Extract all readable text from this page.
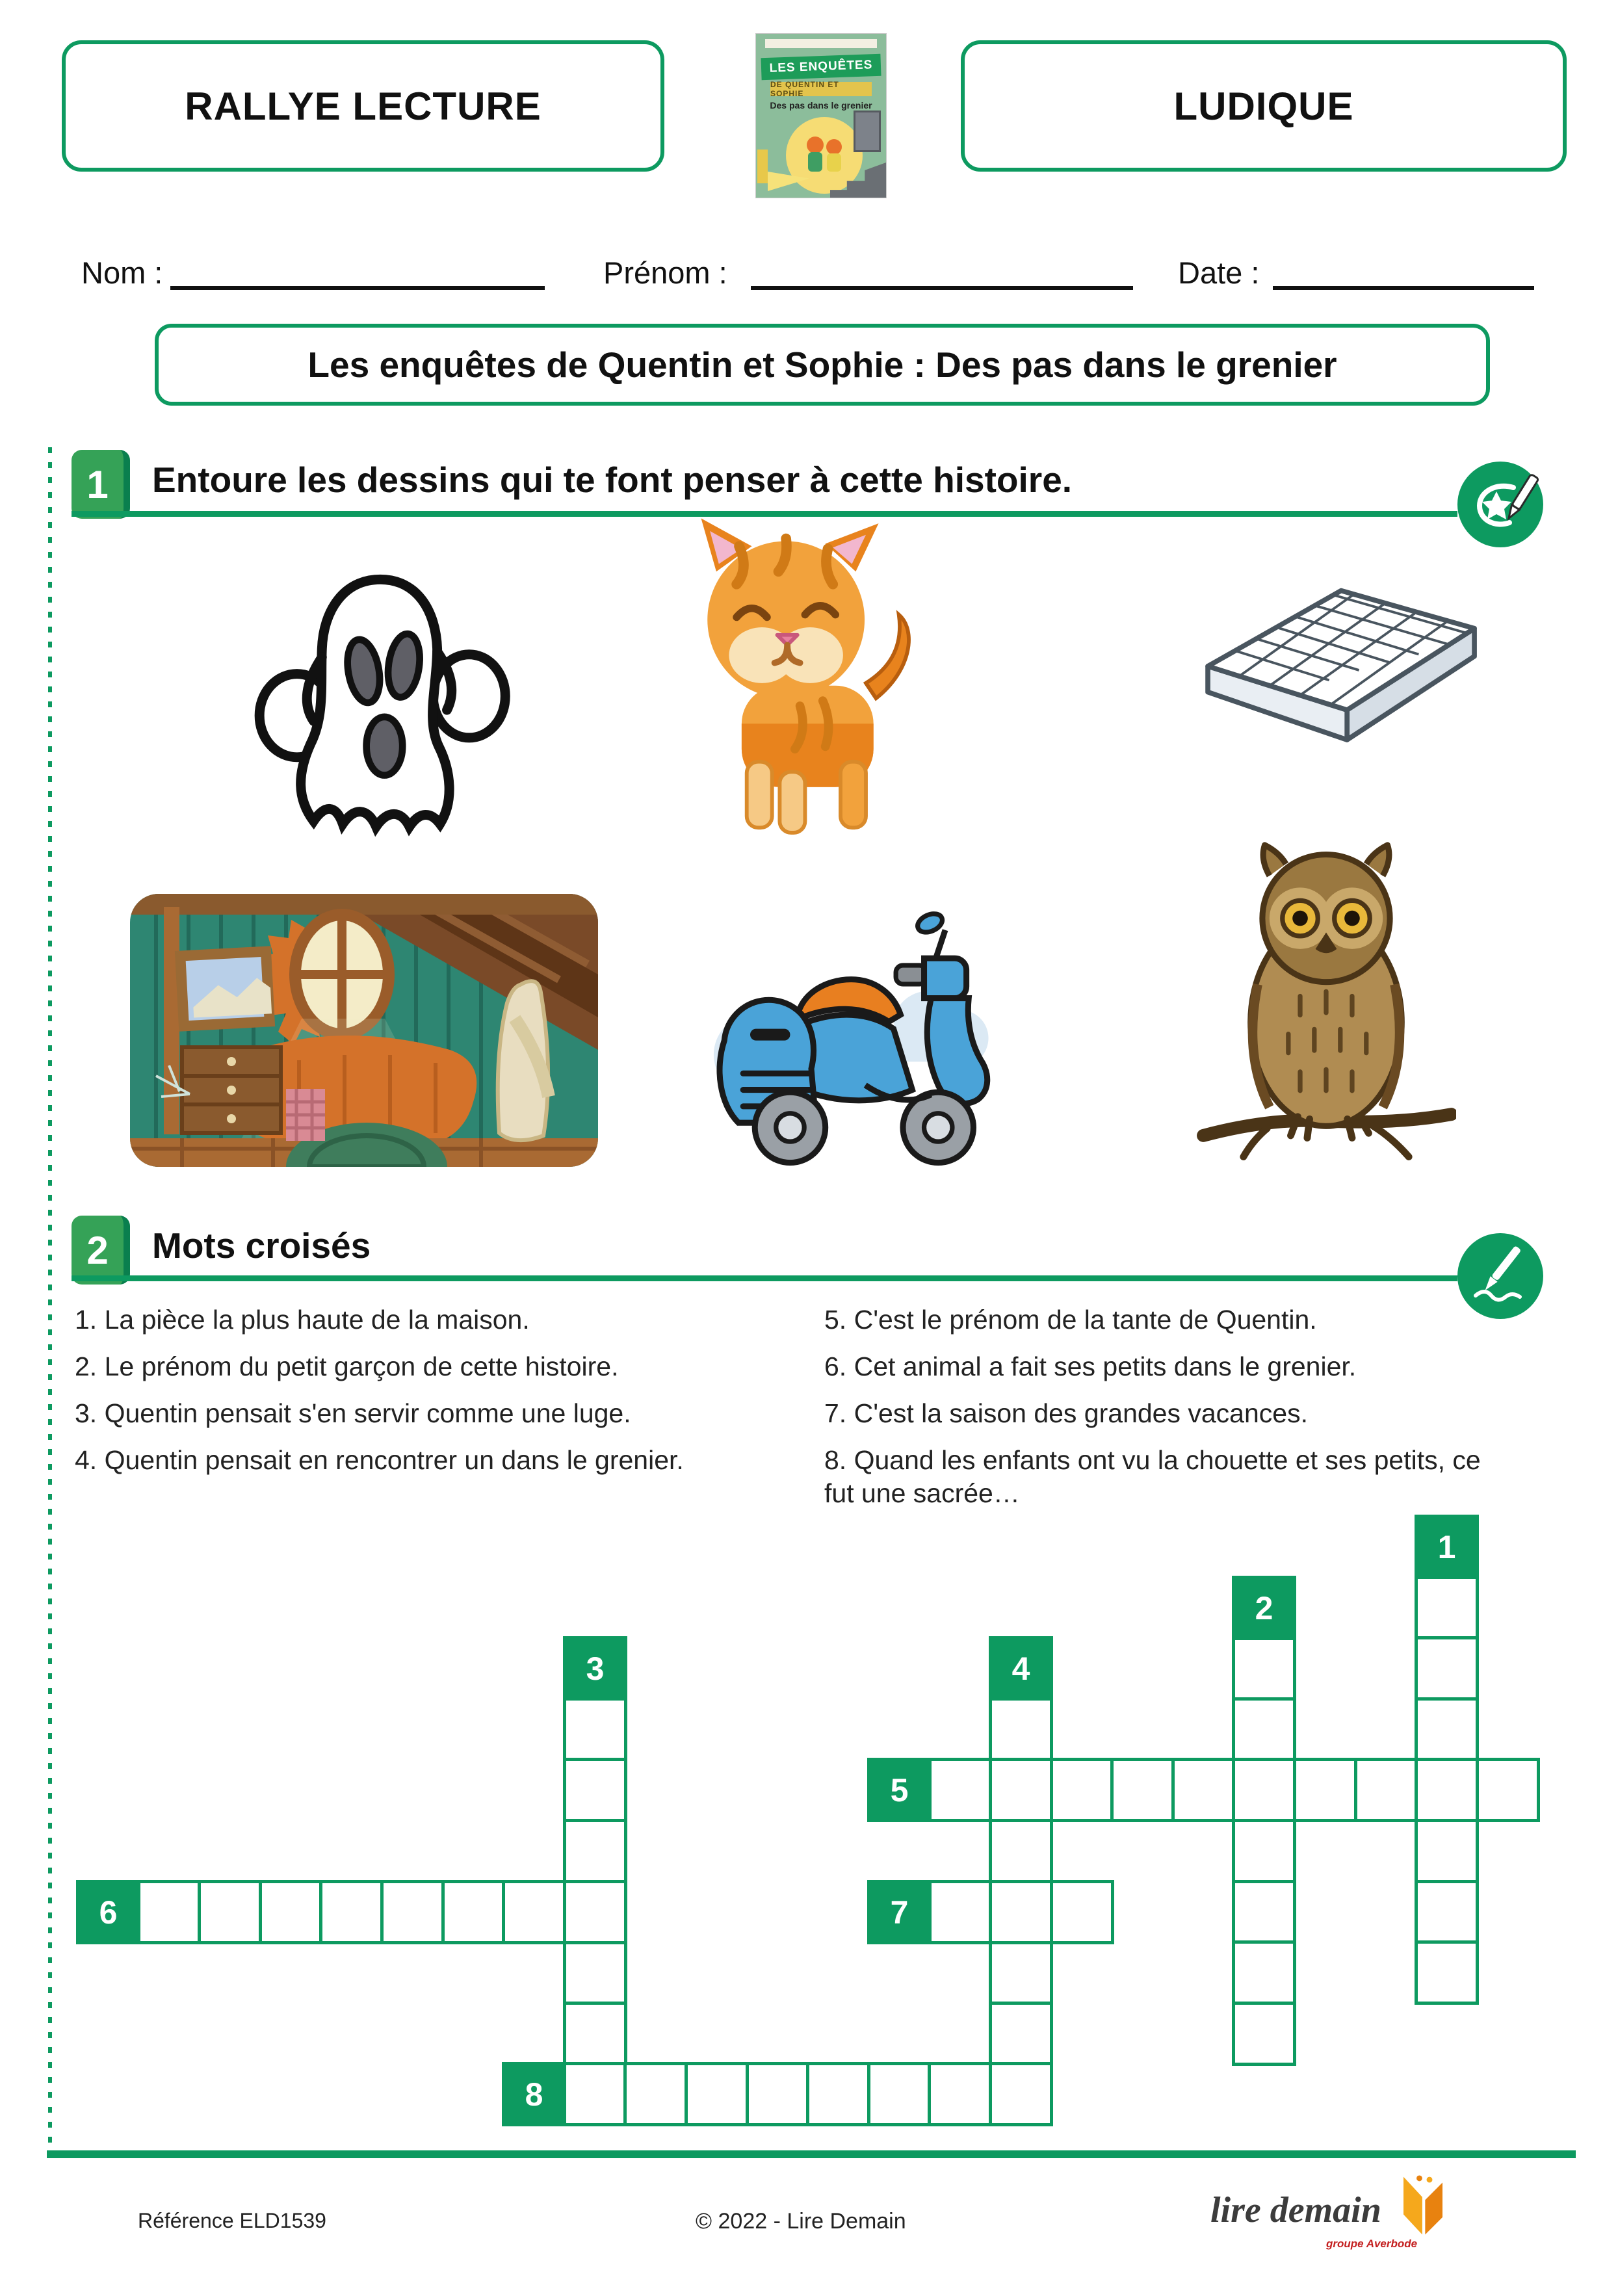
RALLYE LECTURE
LES ENQUÊTES
DE QUENTIN ET SOPHIE
Des pas dans le grenier	LUDIQUE
Nom :	Prénom :	Date :
Les enquêtes de Quentin et Sophie : Des pas dans le grenier
1 Entoure les dessins qui te font penser à cette histoire.
2 Mots croisés
1. La pièce la plus haute de la maison.
2. Le prénom du petit garçon de cette histoire.
3. Quentin pensait s'en servir comme une luge.
4. Quentin pensait en rencontrer un dans le grenier.
5. C'est le prénom de la tante de Quentin.
6. Cet animal a fait ses petits dans le grenier.
7. C'est la saison des grandes vacances.
8. Quand les enfants ont vu la chouette et ses petits, ce fut une sacrée…
1
2
3	4
5
6	7
8
Référence ELD1539	© 2022 - Lire Demain	lire demain
groupe Averbode
